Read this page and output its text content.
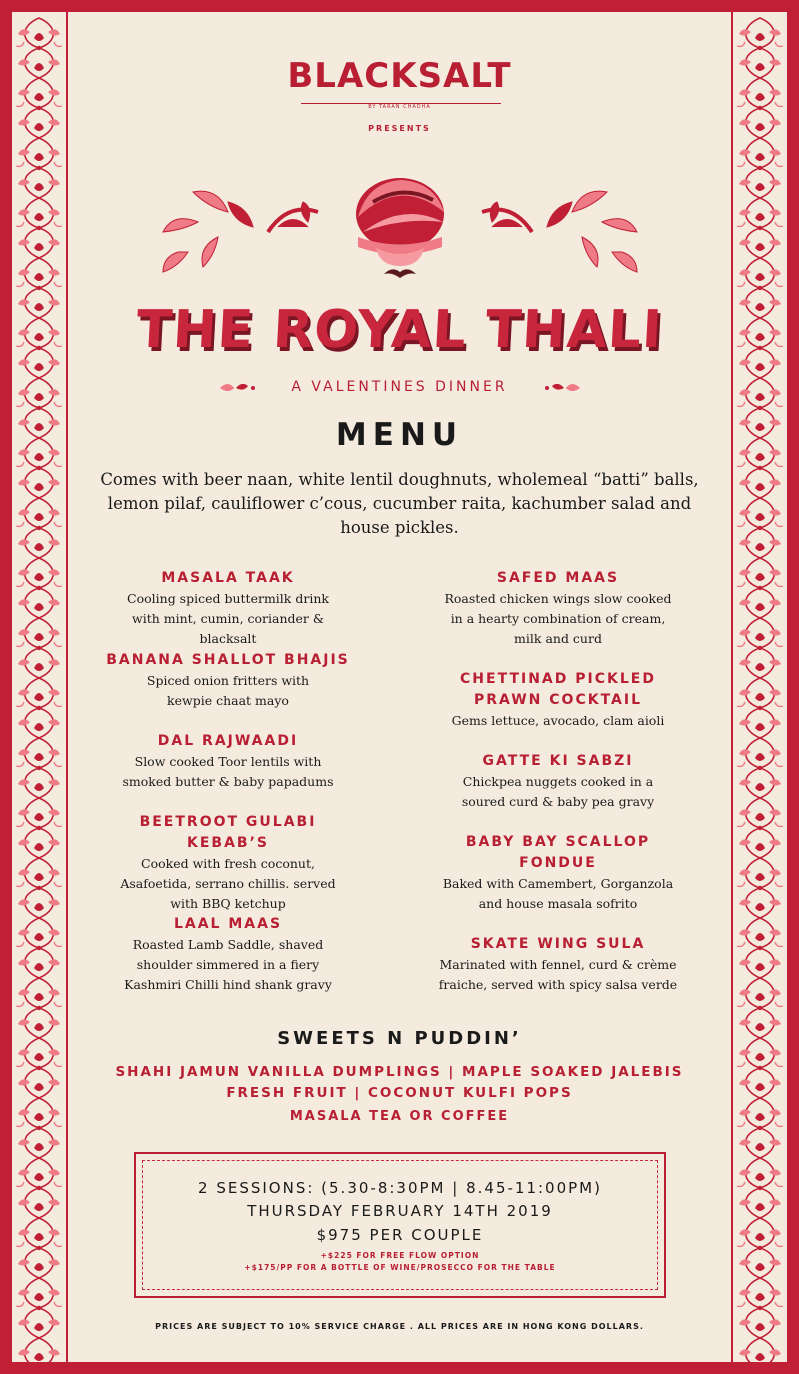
BLACKSALT
BY TARAN CHADHA
PRESENTS
THE ROYAL THALI
A VALENTINES DINNER
MENU
Comes with beer naan, white lentil doughnuts, wholemeal “batti” balls, lemon pilaf, cauliflower c’cous, cucumber raita, kachumber salad and house pickles.
MASALA TAAK
Cooling spiced buttermilk drink with mint, cumin, coriander & blacksalt
BANANA SHALLOT BHAJIS
Spiced onion fritters with kewpie chaat mayo
DAL RAJWAADI
Slow cooked Toor lentils with smoked butter & baby papadums
BEETROOT GULABI KEBAB’S
Cooked with fresh coconut, Asafoetida, serrano chillis. served with BBQ ketchup
LAAL MAAS
Roasted Lamb Saddle, shaved shoulder simmered in a fiery Kashmiri Chilli hind shank gravy
SAFED MAAS
Roasted chicken wings slow cooked in a hearty combination of cream, milk and curd
CHETTINAD PICKLED PRAWN COCKTAIL
Gems lettuce, avocado, clam aioli
GATTE KI SABZI
Chickpea nuggets cooked in a soured curd & baby pea gravy
BABY BAY SCALLOP FONDUE
Baked with Camembert, Gorganzola and house masala sofrito
SKATE WING SULA
Marinated with fennel, curd & crème fraiche, served with spicy salsa verde
SWEETS N PUDDIN’
SHAHI JAMUN VANILLA DUMPLINGS | MAPLE SOAKED JALEBIS
FRESH FRUIT | COCONUT KULFI POPS
MASALA TEA OR COFFEE
2 SESSIONS: (5.30-8:30PM | 8.45-11:00PM)
THURSDAY FEBRUARY 14TH 2019
$975 PER COUPLE
+$225 FOR FREE FLOW OPTION
+$175/PP FOR A BOTTLE OF WINE/PROSECCO FOR THE TABLE
PRICES ARE SUBJECT TO 10% SERVICE CHARGE . ALL PRICES ARE IN HONG KONG DOLLARS.
